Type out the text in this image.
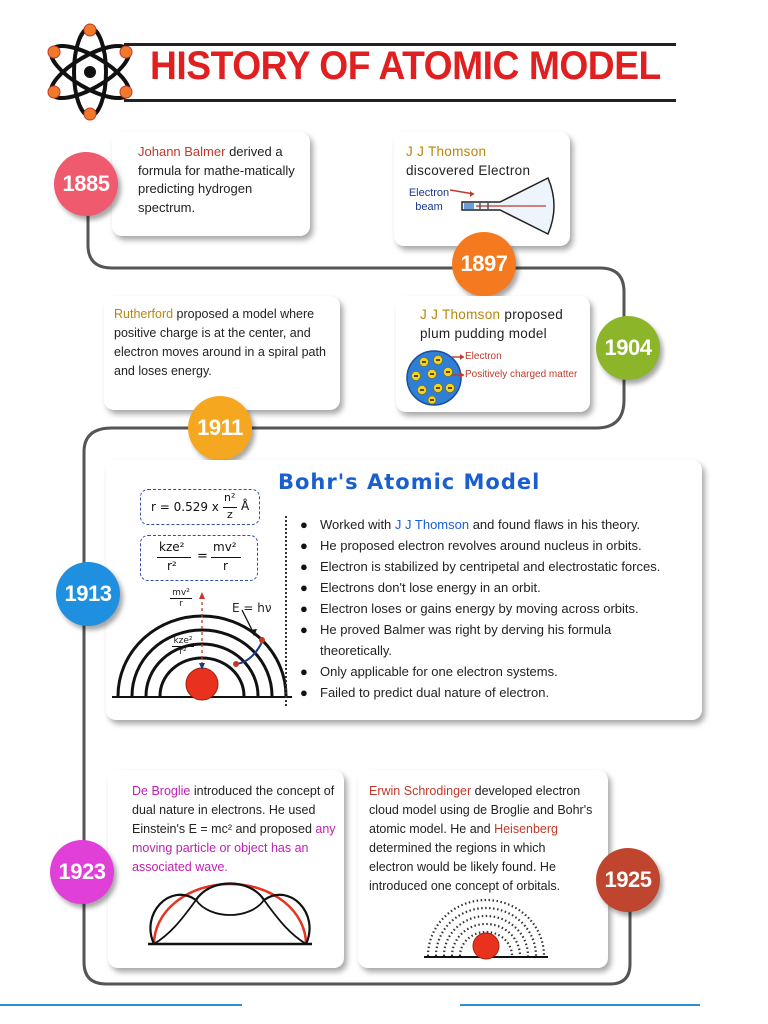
HISTORY OF ATOMIC MODEL
Johann Balmer derived a formula for mathe-matically predicting hydrogen spectrum.
1885
J J Thomson
discovered Electron
Electron
beam
1897
Rutherford proposed a model where positive charge is at the center, and electron moves around in a spiral path and loses energy.
1911
J J Thomson proposed
plum pudding model
Electron
Positively charged matter
1904
Bohr's Atomic Model
r = 0.529 x
n²
z
Å
kze²
r²
=
mv²
r
mv²
r	E = hν
kze²
r²
● Worked with J J Thomson and found flaws in his theory.
● He proposed electron revolves around nucleus in orbits.
● Electron is stabilized by centripetal and electrostatic forces.
● Electrons don't lose energy in an orbit.
● Electron loses or gains energy by moving across orbits.
● He proved Balmer was right by derving his formula theoretically.
● Only applicable for one electron systems.
● Failed to predict dual nature of electron.
1913
De Broglie introduced the concept of dual nature in electrons. He used Einstein's E = mc² and proposed any moving particle or object has an associated wave.
1923
Erwin Schrodinger developed electron cloud model using de Broglie and Bohr's atomic model. He and Heisenberg determined the regions in which electron would be likely found. He introduced one concept of orbitals.	1925
